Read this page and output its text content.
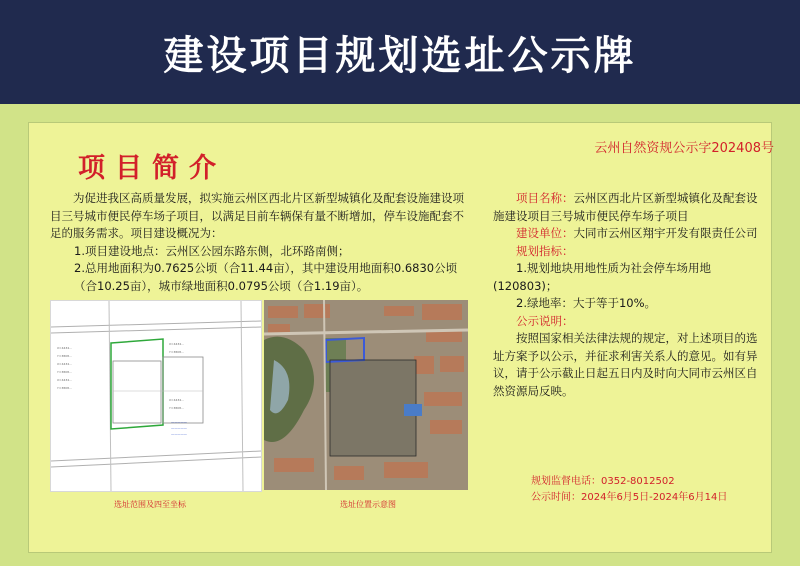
建设项目规划选址公示牌
云州自然资规公示字202408号
项目简介

为促进我区高质量发展，拟实施云州区西北片区新型城镇化及配套设施建设项目三号城市便民停车场子项目，以满足目前车辆保有量不断增加，停车设施配套不足的服务需求。项目建设概况为：

1.项目建设地点：云州区公园东路东侧，北环路南侧；

2.总用地面积为0.7625公顷（合11.44亩），其中建设用地面积0.6830公顷（合10.25亩），城市绿地面积0.0795公顷（合1.19亩）。

项目名称：云州区西北片区新型城镇化及配套设施建设项目三号城市便民停车场子项目

建设单位：大同市云州区翔宇开发有限责任公司

规划指标：

1.规划地块用地性质为社会停车场用地(120803)；

2.绿地率：大于等于10%。

公示说明：

按照国家相关法律法规的规定，对上述项目的选址方案予以公示，并征求利害关系人的意见。如有异议，请于公示截止日起五日内及时向大同市云州区自然资源局反映。

X=4434...
Y=3808...
X=4434...
Y=3808...
X=4434...
Y=3808...
X=4434...
Y=3808...
X=4434...
Y=3808...
—————
—————
—————
选址范围及四至坐标	选址位置示意图

规划监督电话：0352-8012502

公示时间：2024年6月5日-2024年6月14日
